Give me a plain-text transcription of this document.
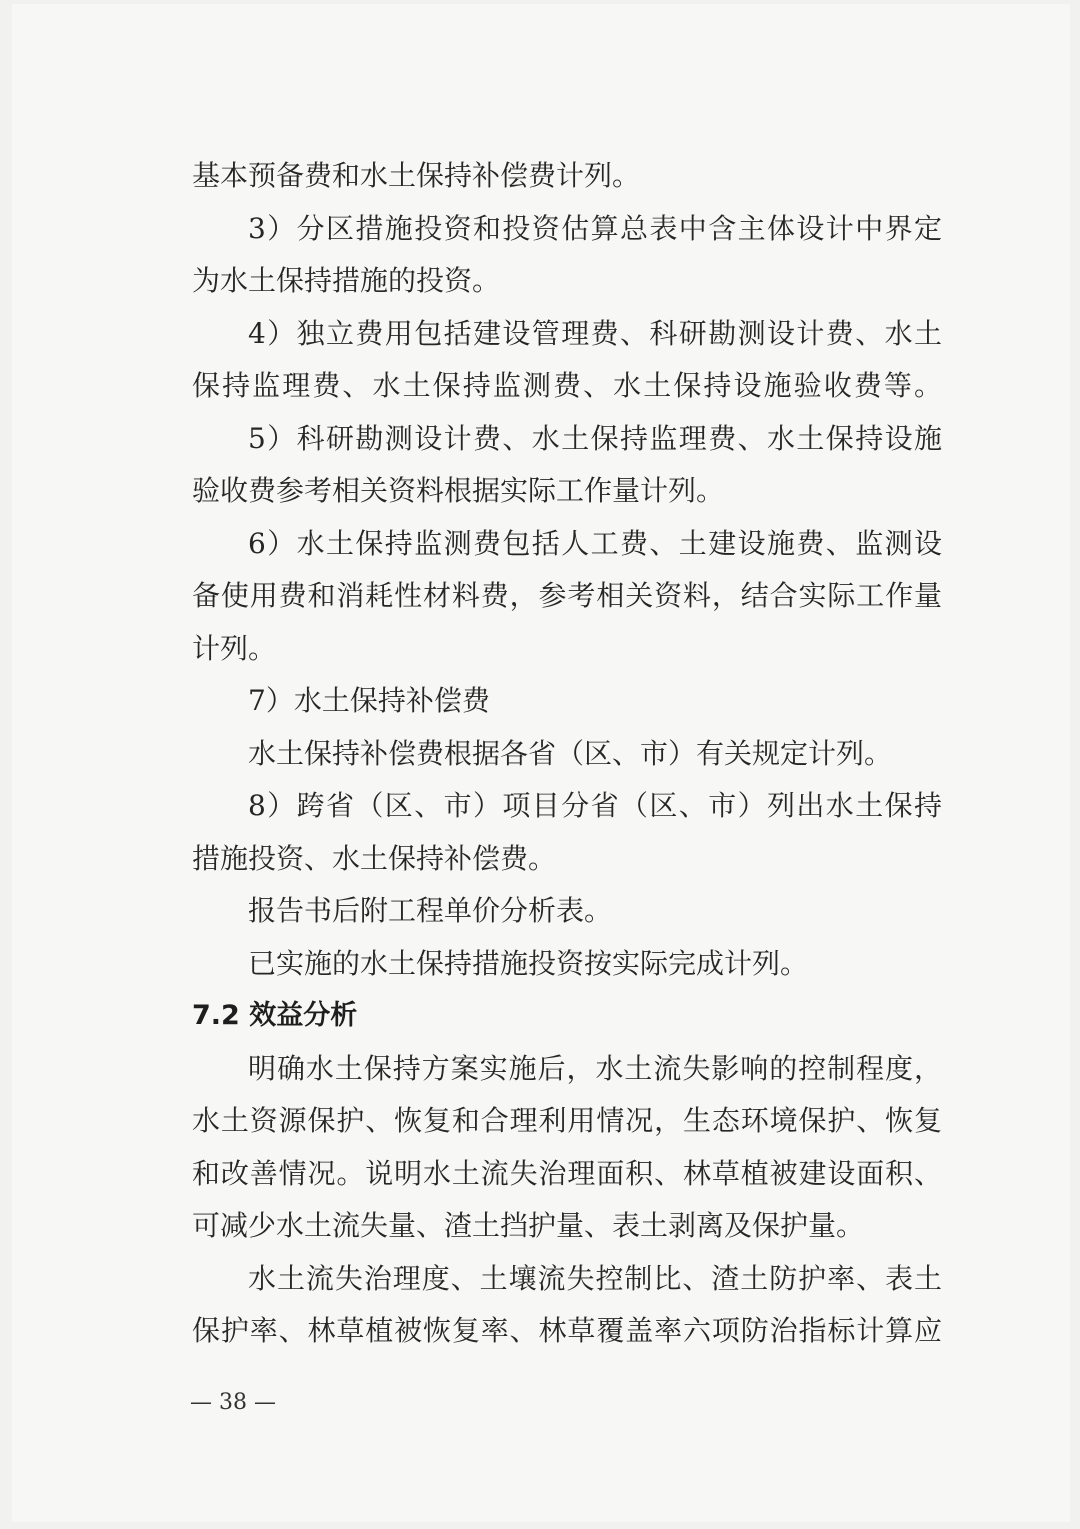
基本预备费和水土保持补偿费计列。

3）分区措施投资和投资估算总表中含主体设计中界定

为水土保持措施的投资。

4）独立费用包括建设管理费、科研勘测设计费、水土

保持监理费、水土保持监测费、水土保持设施验收费等。

5）科研勘测设计费、水土保持监理费、水土保持设施

验收费参考相关资料根据实际工作量计列。

6）水土保持监测费包括人工费、土建设施费、监测设

备使用费和消耗性材料费，参考相关资料，结合实际工作量

计列。

7）水土保持补偿费

水土保持补偿费根据各省（区、市）有关规定计列。

8）跨省（区、市）项目分省（区、市）列出水土保持

措施投资、水土保持补偿费。

报告书后附工程单价分析表。

已实施的水土保持措施投资按实际完成计列。

7.2 效益分析

明确水土保持方案实施后，水土流失影响的控制程度，

水土资源保护、恢复和合理利用情况，生态环境保护、恢复

和改善情况。说明水土流失治理面积、林草植被建设面积、

可减少水土流失量、渣土挡护量、表土剥离及保护量。

水土流失治理度、土壤流失控制比、渣土防护率、表土

保护率、林草植被恢复率、林草覆盖率六项防治指标计算应

— 38 —
